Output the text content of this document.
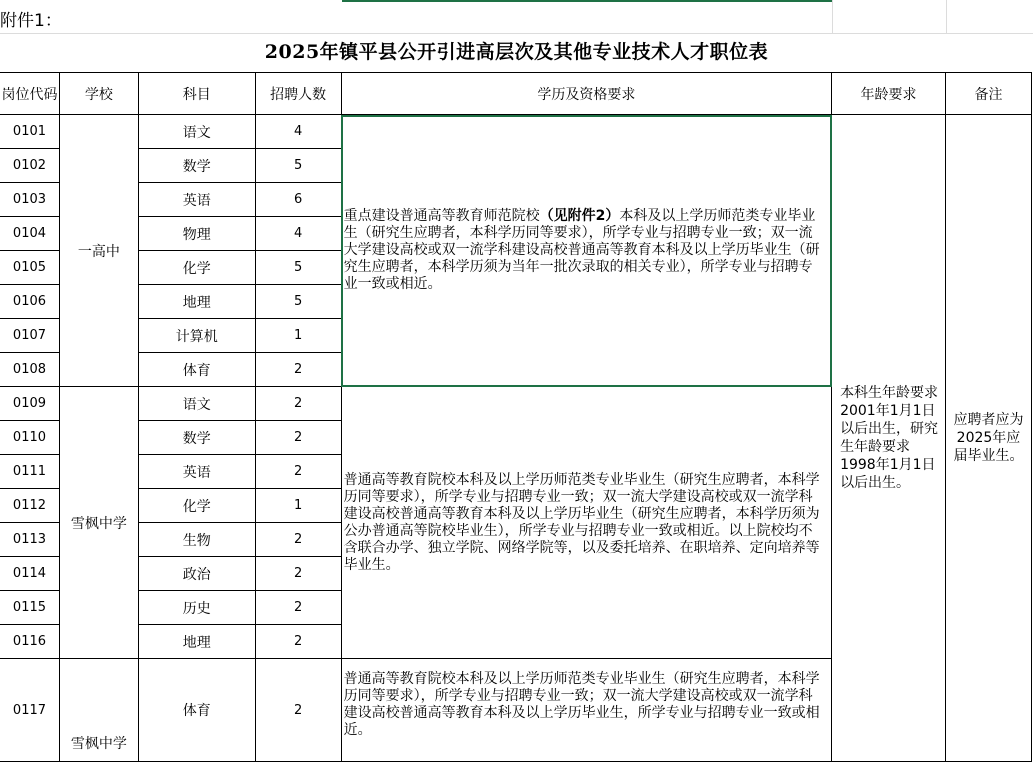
附件1：
2025年镇平县公开引进高层次及其他专业技术人才职位表
岗位代码	学校	科目	招聘人数	学历及资格要求	年龄要求	备注
0101	一高中	语文	4	重点建设普通高等教育师范院校（见附件2）本科及以上学历师范类专业毕业生（研究生应聘者，本科学历同等要求），所学专业与招聘专业一致；双一流大学建设高校或双一流学科建设高校普通高等教育本科及以上学历毕业生（研究生应聘者，本科学历须为当年一批次录取的相关专业），所学专业与招聘专业一致或相近。	本科生年龄要求2001年1月1日以后出生，研究生年龄要求1998年1月1日以后出生。	应聘者应为2025年应届毕业生。
0102		数学	5			
0103		英语	6			
0104		物理	4			
0105		化学	5			
0106		地理	5			
0107		计算机	1			
0108		体育	2			
0109	雪枫中学	语文	2	普通高等教育院校本科及以上学历师范类专业毕业生（研究生应聘者，本科学历同等要求），所学专业与招聘专业一致；双一流大学建设高校或双一流学科建设高校普通高等教育本科及以上学历毕业生（研究生应聘者，本科学历须为公办普通高等院校毕业生），所学专业与招聘专业一致或相近。以上院校均不含联合办学、独立学院、网络学院等，以及委托培养、在职培养、定向培养等毕业生。		
0110		数学	2			
0111		英语	2			
0112		化学	1			
0113		生物	2			
0114		政治	2			
0115		历史	2			
0116		地理	2			
0117	雪枫中学	体育	2	普通高等教育院校本科及以上学历师范类专业毕业生（研究生应聘者，本科学历同等要求），所学专业与招聘专业一致；双一流大学建设高校或双一流学科建设高校普通高等教育本科及以上学历毕业生，所学专业与招聘专业一致或相近。		
